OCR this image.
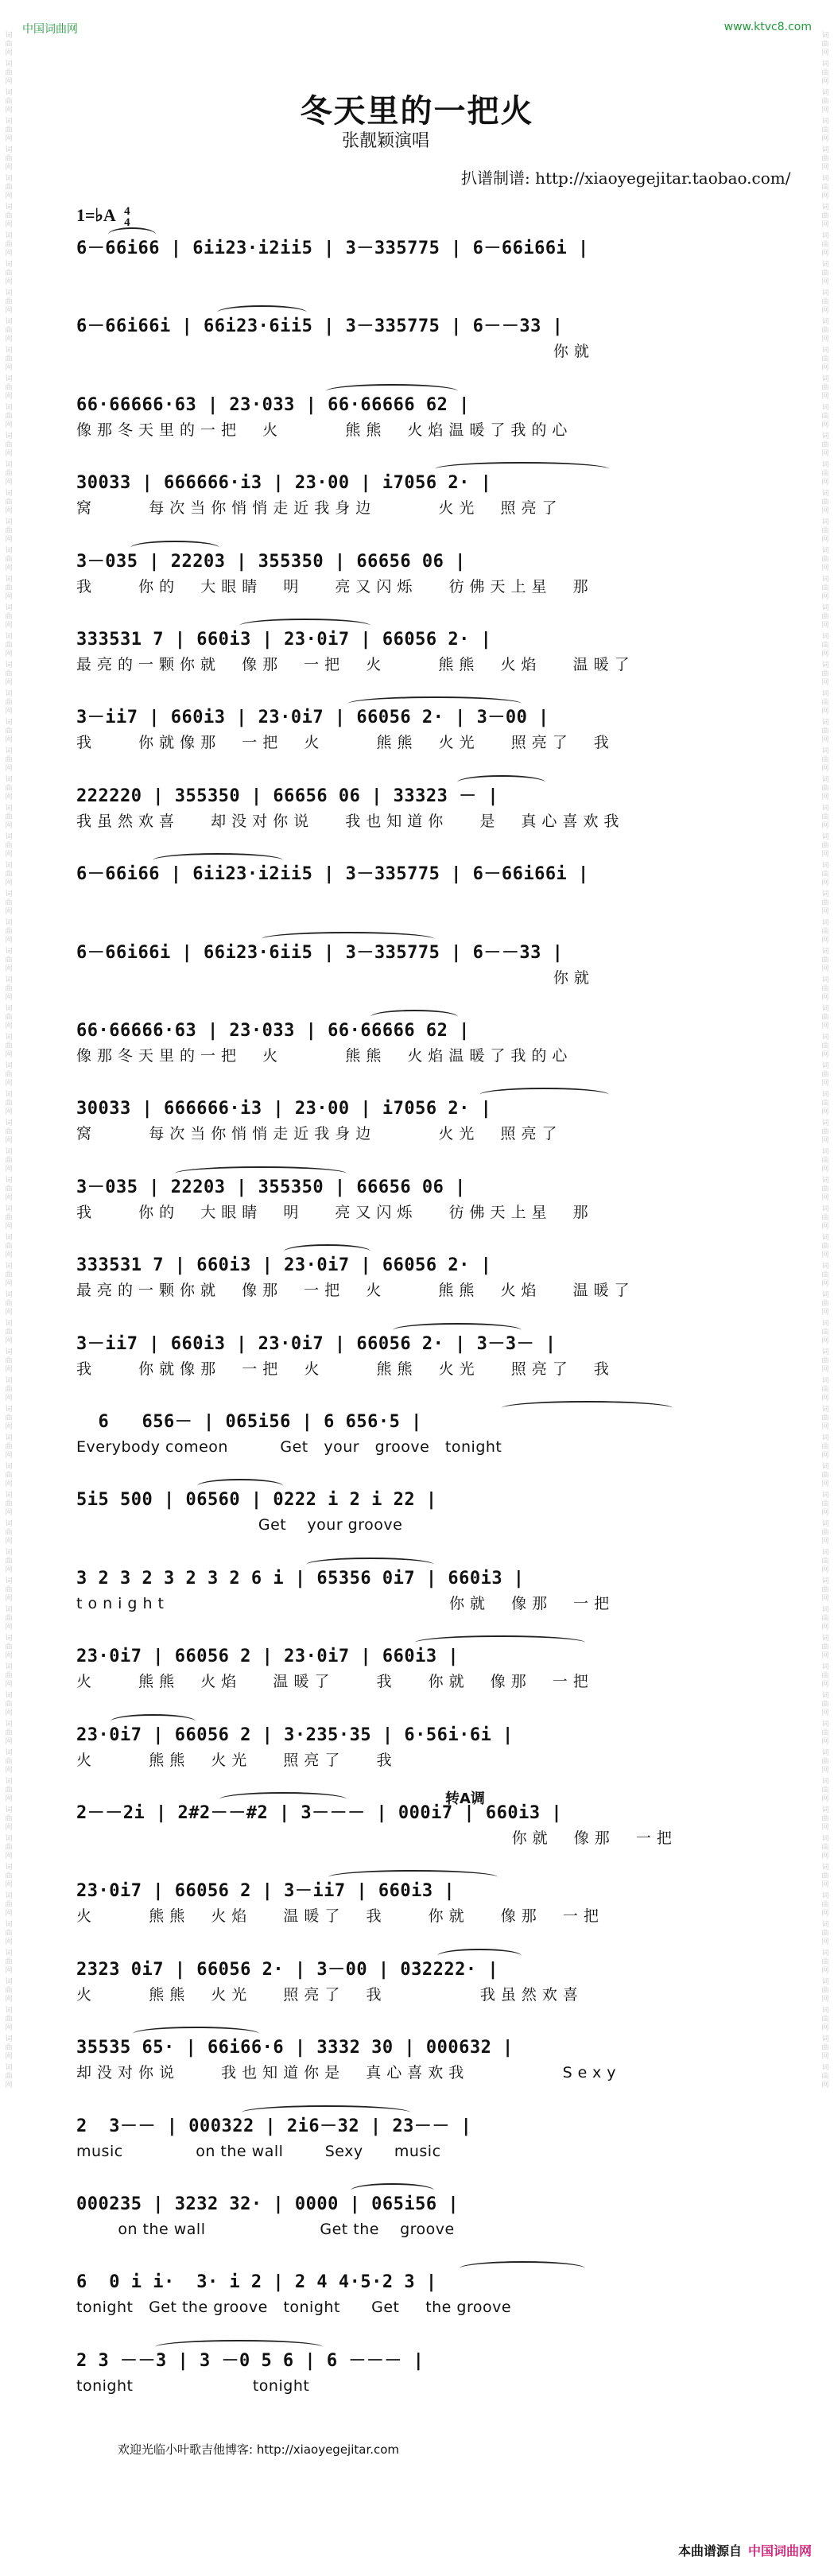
词曲网
词曲网
词曲网
词曲网
词曲网
词曲网
词曲网
词曲网
词曲网
词曲网
词曲网
词曲网
词曲网
词曲网
词曲网
词曲网
词曲网
词曲网
词曲网
词曲网
词曲网
词曲网
词曲网
词曲网
词曲网
词曲网
词曲网
词曲网
词曲网
词曲网
词曲网
词曲网
词曲网
词曲网
词曲网
词曲网
词曲网
词曲网
词曲网
词曲网
词曲网
词曲网
词曲网
词曲网
词曲网
词曲网
词曲网
词曲网
词曲网
词曲网
词曲网
词曲网
词曲网
词曲网
词曲网
词曲网
词曲网
词曲网
词曲网
词曲网
词曲网
词曲网
词曲网
词曲网
词曲网
词曲网
词曲网
词曲网
词曲网
词曲网
词曲网
词曲网
词曲网
词曲网
词曲网
词曲网
词曲网
词曲网
词曲网
词曲网
词曲网
词曲网
词曲网
词曲网
词曲网
词曲网
词曲网
词曲网
词曲网
词曲网
词曲网
词曲网
词曲网
词曲网
词曲网
词曲网
词曲网
词曲网
词曲网
词曲网
词曲网
词曲网
词曲网
词曲网
词曲网
词曲网
词曲网
词曲网
词曲网
词曲网
词曲网
词曲网
词曲网
词曲网
词曲网
词曲网
词曲网
词曲网
词曲网
词曲网
词曲网
词曲网
词曲网
词曲网
词曲网
词曲网
词曲网
词曲网
词曲网
词曲网
词曲网
词曲网
词曲网
词曲网
词曲网
词曲网
词曲网
词曲网
词曲网
词曲网
词曲网
词曲网
词曲网
词曲网
中国词曲网	www.ktvc8.com
冬天里的一把火
张靓颖演唱
扒谱制谱: http://xiaoyegejitar.taobao.com/
1=♭A 4
4
6－66i66 | 6ii23·i2ii5 | 3－335775 | 6－66i66i |
6－66i66i | 66i23·6ii5 | 3－335775 | 6－－33 |
你就
66·66666·63 | 23·033 | 66·66666 62 |
像那冬天里的一把  火      熊熊  火焰温暖了我的心
30033 | 666666·i3 | 23·00 | i7056 2· |
窝     每次当你悄悄走近我身边      火光  照亮了
3－035 | 22203 | 355350 | 66656 06 |
我    你的  大眼睛  明   亮又闪烁   彷佛天上星  那
333531 7 | 660i3 | 23·0i7 | 66056 2· |
最亮的一颗你就  像那  一把  火     熊熊  火焰   温暖了
3－ii7 | 660i3 | 23·0i7 | 66056 2· | 3－00 |
我    你就像那  一把  火     熊熊  火光   照亮了  我
222220 | 355350 | 66656 06 | 33323 － |
我虽然欢喜   却没对你说   我也知道你   是  真心喜欢我
6－66i66 | 6ii23·i2ii5 | 3－335775 | 6－66i66i |
6－66i66i | 66i23·6ii5 | 3－335775 | 6－－33 |
你就
66·66666·63 | 23·033 | 66·66666 62 |
像那冬天里的一把  火      熊熊  火焰温暖了我的心
30033 | 666666·i3 | 23·00 | i7056 2· |
窝     每次当你悄悄走近我身边      火光  照亮了
3－035 | 22203 | 355350 | 66656 06 |
我    你的  大眼睛  明   亮又闪烁   彷佛天上星  那
333531 7 | 660i3 | 23·0i7 | 66056 2· |
最亮的一颗你就  像那  一把  火     熊熊  火焰   温暖了
3－ii7 | 660i3 | 23·0i7 | 66056 2· | 3－3－ |
我    你就像那  一把  火     熊熊  火光   照亮了  我
6   656－ | 065i56 | 6 656·5 |
Everybody comeon          Get   your   groove   tonight
5i5 500 | 06560 | 0222 i 2 i 22 |
Get    your groove
3 2 3 2 3 2 3 2 6 i | 65356 0i7 | 660i3 |
tonight                           你就  像那  一把
23·0i7 | 66056 2 | 23·0i7 | 660i3 |
火    熊熊  火焰   温暖了    我   你就  像那  一把
23·0i7 | 66056 2 | 3·235·35 | 6·56i·6i |
火     熊熊  火光   照亮了   我
2－－2i | 2#2－－#2 | 3－－－ | 000i7 | 660i3 |
你就  像那  一把
23·0i7 | 66056 2 | 3－ii7 | 660i3 |
火     熊熊  火焰   温暖了  我    你就   像那  一把
2323 0i7 | 66056 2· | 3－00 | 032222· |
火     熊熊  火光   照亮了  我         我虽然欢喜
35535 65· | 66i66·6 | 3332 30 | 000632 |
却没对你说    我也知道你是  真心喜欢我         Sexy
2  3－－ | 000322 | 2i6－32 | 23－－ |
music              on the wall        Sexy      music
000235 | 3232 32· | 0000 | 065i56 |
on the wall                      Get the    groove
6  0 i i·  3· i 2 | 2 4 4·5·2 3 |
tonight   Get the groove   tonight      Get     the groove
2 3 －－3 | 3 －0 5 6 | 6 －－－ |
tonight                       tonight
转A调
欢迎光临小叶歌吉他博客: http://xiaoyegejitar.com
本曲谱源自 中国词曲网
